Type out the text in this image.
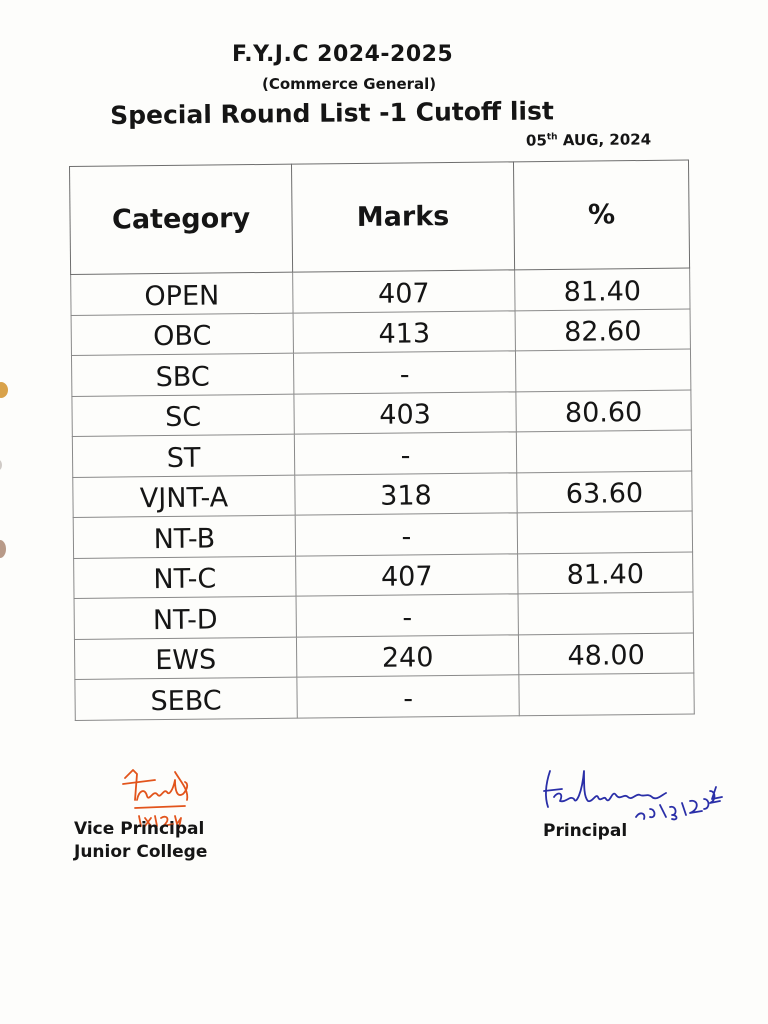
F.Y.J.C 2024-2025
(Commerce General)
Special Round List -1 Cutoff list
05th AUG, 2024
Category	Marks	%
OPEN	407	81.40
OBC	413	82.60
SBC	-	
SC	403	80.60
ST	-	
VJNT-A	318	63.60
NT-B	-	
NT-C	407	81.40
NT-D	-	
EWS	240	48.00
SEBC	-	
Vice Principal
Junior College
Principal
